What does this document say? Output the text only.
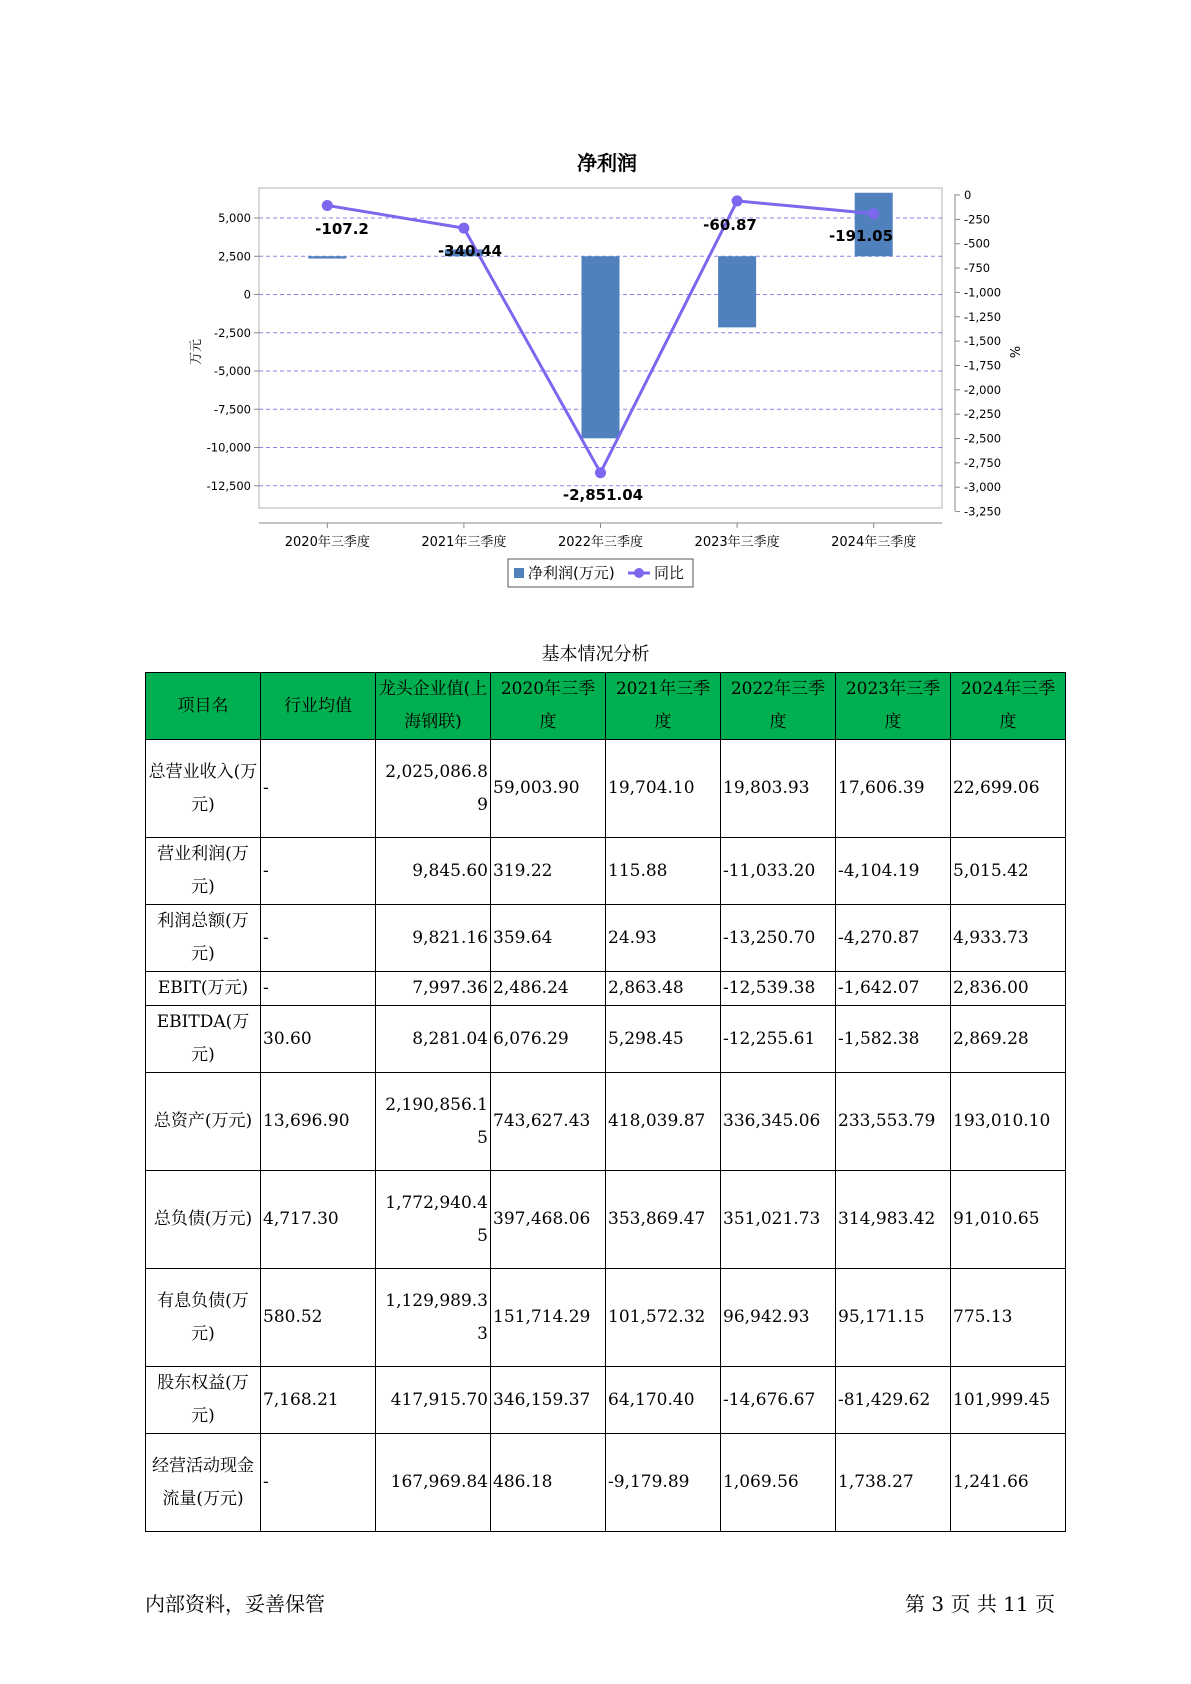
净利润
5,000
2,500
0
-2,500
-5,000
-7,500
-10,000
-12,500
0
-250
-500
-750
-1,000
-1,250
-1,500
-1,750
-2,000
-2,250
-2,500
-2,750
-3,000
-3,250
-107.2
-340.44
-2,851.04
-60.87
-191.05
2020年三季度	2021年三季度	2022年三季度	2023年三季度	2024年三季度
万元	%
净利润(万元)	同比
基本情况分析
项目名	行业均值	龙头企业值(上海钢联)	2020年三季度	2021年三季度	2022年三季度	2023年三季度	2024年三季度
总营业收入(万元)	-	2,025,086.89	59,003.90	19,704.10	19,803.93	17,606.39	22,699.06
营业利润(万元)	-	9,845.60	319.22	115.88	-11,033.20	-4,104.19	5,015.42
利润总额(万元)	-	9,821.16	359.64	24.93	-13,250.70	-4,270.87	4,933.73
EBIT(万元)	-	7,997.36	2,486.24	2,863.48	-12,539.38	-1,642.07	2,836.00
EBITDA(万元)	30.60	8,281.04	6,076.29	5,298.45	-12,255.61	-1,582.38	2,869.28
总资产(万元)	13,696.90	2,190,856.15	743,627.43	418,039.87	336,345.06	233,553.79	193,010.10
总负债(万元)	4,717.30	1,772,940.45	397,468.06	353,869.47	351,021.73	314,983.42	91,010.65
有息负债(万元)	580.52	1,129,989.33	151,714.29	101,572.32	96,942.93	95,171.15	775.13
股东权益(万元)	7,168.21	417,915.70	346,159.37	64,170.40	-14,676.67	-81,429.62	101,999.45
经营活动现金流量(万元)	-	167,969.84	486.18	-9,179.89	1,069.56	1,738.27	1,241.66
内部资料，妥善保管	第 3 页 共 11 页
